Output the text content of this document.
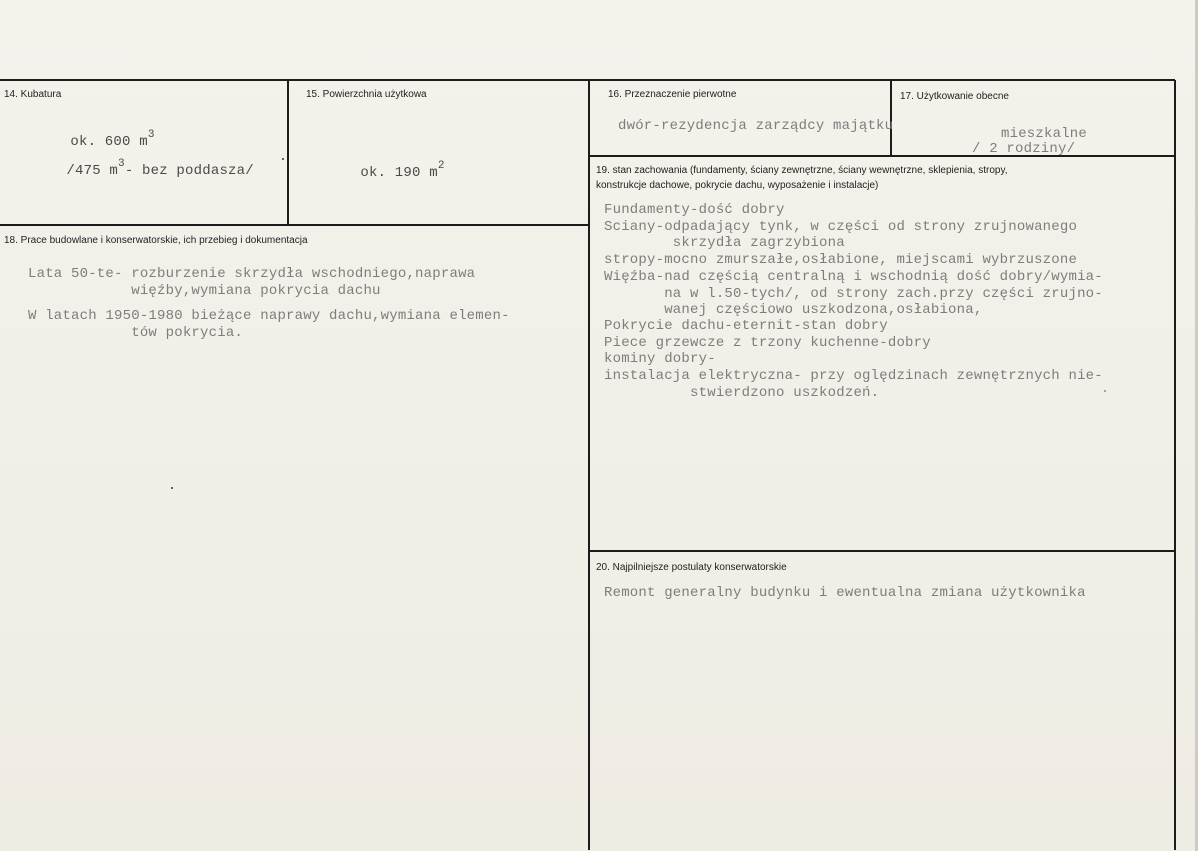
14. Kubatura

ok. 600 $m^3$

/475 $m^3-$ bez poddasza/

15. Powierzchnia użytkowa

ok. 190 $m^2$

16. Przeznaczenie pierwotne
dwór-rezydencja zarządcy majątku
17. Użytkowanie obecne
mieszkalne
/ 2 rodziny/
18. Prace budowlane i konserwatorskie, ich przebieg i dokumentacja
Lata 50-te- rozburzenie skrzydła wschodniego,naprawa
więźby,wymiana pokrycia dachu
W latach 1950-1980 bieżące naprawy dachu,wymiana elemen-
tów pokrycia.
19. stan zachowania (fundamenty, ściany zewnętrzne, ściany wewnętrzne, sklepienia, stropy,
konstrukcje dachowe, pokrycie dachu, wyposażenie i instalacje)
Fundamenty-dość dobry
Sciany-odpadający tynk, w części od strony zrujnowanego
skrzydła zagrzybiona
stropy-mocno zmurszałe,osłabione, miejscami wybrzuszone
Więźba-nad częścią centralną i wschodnią dość dobry/wymia-
na w l.50-tych/, od strony zach.przy części zrujno-
wanej częściowo uszkodzona,osłabiona,
Pokrycie dachu-eternit-stan dobry
Piece grzewcze z trzony kuchenne-dobry
kominy dobry-
instalacja elektryczna- przy oględzinach zewnętrznych nie-
stwierdzono uszkodzeń.
20. Najpilniejsze postulaty konserwatorskie
Remont generalny budynku i ewentualna zmiana użytkownika
